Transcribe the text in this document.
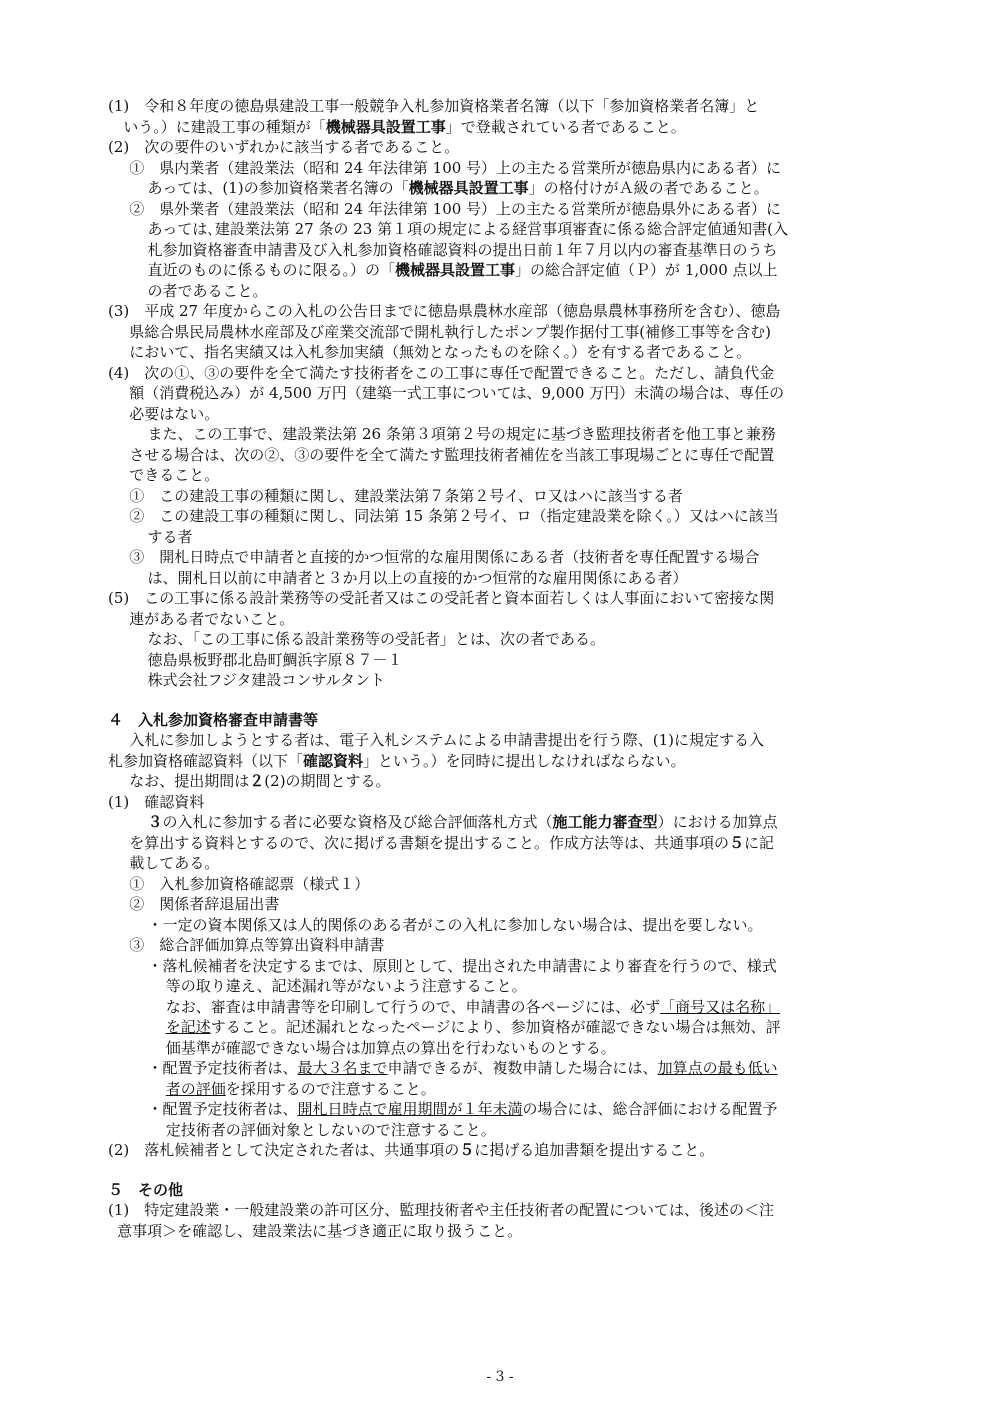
(1)　令和８年度の徳島県建設工事一般競争入札参加資格業者名簿（以下「参加資格業者名簿」と
いう。）に建設工事の種類が「機械器具設置工事」で登載されている者であること。
(2)　次の要件のいずれかに該当する者であること。
①　県内業者（建設業法（昭和 24 年法律第 100 号）上の主たる営業所が徳島県内にある者）に
あっては、(1)の参加資格業者名簿の「機械器具設置工事」の格付けがＡ級の者であること。
②　県外業者（建設業法（昭和 24 年法律第 100 号）上の主たる営業所が徳島県外にある者）に
あっては､建設業法第 27 条の 23 第１項の規定による経営事項審査に係る総合評定値通知書(入
札参加資格審査申請書及び入札参加資格確認資料の提出日前１年７月以内の審査基準日のうち
直近のものに係るものに限る。）の「機械器具設置工事」の総合評定値（Ｐ）が 1,000 点以上
の者であること。
(3)　平成 27 年度からこの入札の公告日までに徳島県農林水産部（徳島県農林事務所を含む）、徳島
県総合県民局農林水産部及び産業交流部で開札執行したポンプ製作据付工事(補修工事等を含む)
において、指名実績又は入札参加実績（無効となったものを除く。）を有する者であること。
(4)　次の①、③の要件を全て満たす技術者をこの工事に専任で配置できること。ただし、請負代金
額（消費税込み）が 4,500 万円（建築一式工事については、9,000 万円）未満の場合は、専任の
必要はない。
また、この工事で、建設業法第 26 条第３項第２号の規定に基づき監理技術者を他工事と兼務
させる場合は、次の②、③の要件を全て満たす監理技術者補佐を当該工事現場ごとに専任で配置
できること。
①　この建設工事の種類に関し、建設業法第７条第２号イ、ロ又はハに該当する者
②　この建設工事の種類に関し、同法第 15 条第２号イ、ロ（指定建設業を除く。）又はハに該当
する者
③　開札日時点で申請者と直接的かつ恒常的な雇用関係にある者（技術者を専任配置する場合
は、開札日以前に申請者と３か月以上の直接的かつ恒常的な雇用関係にある者）
(5)　この工事に係る設計業務等の受託者又はこの受託者と資本面若しくは人事面において密接な関
連がある者でないこと。
なお、「この工事に係る設計業務等の受託者」とは、次の者である。
徳島県板野郡北島町鯛浜字原８７－１
株式会社フジタ建設コンサルタント
４　入札参加資格審査申請書等
入札に参加しようとする者は、電子入札システムによる申請書提出を行う際、(1)に規定する入
札参加資格確認資料（以下「確認資料」という。）を同時に提出しなければならない。
なお、提出期間は２(2)の期間とする。
(1)　確認資料
３の入札に参加する者に必要な資格及び総合評価落札方式（施工能力審査型）における加算点
を算出する資料とするので、次に掲げる書類を提出すること。作成方法等は、共通事項の５に記
載してある。
①　入札参加資格確認票（様式１）
②　関係者辞退届出書
・一定の資本関係又は人的関係のある者がこの入札に参加しない場合は、提出を要しない。
③　総合評価加算点等算出資料申請書
・落札候補者を決定するまでは、原則として、提出された申請書により審査を行うので、様式
等の取り違え、記述漏れ等がないよう注意すること。
なお、審査は申請書等を印刷して行うので、申請書の各ページには、必ず「商号又は名称」
を記述すること。記述漏れとなったページにより、参加資格が確認できない場合は無効、評
価基準が確認できない場合は加算点の算出を行わないものとする。
・配置予定技術者は、最大３名まで申請できるが、複数申請した場合には、加算点の最も低い
者の評価を採用するので注意すること。
・配置予定技術者は、開札日時点で雇用期間が１年未満の場合には、総合評価における配置予
定技術者の評価対象としないので注意すること。
(2)　落札候補者として決定された者は、共通事項の５に掲げる追加書類を提出すること。
５　その他
(1)　特定建設業・一般建設業の許可区分、監理技術者や主任技術者の配置については、後述の＜注
意事項＞を確認し、建設業法に基づき適正に取り扱うこと。
- 3 -
